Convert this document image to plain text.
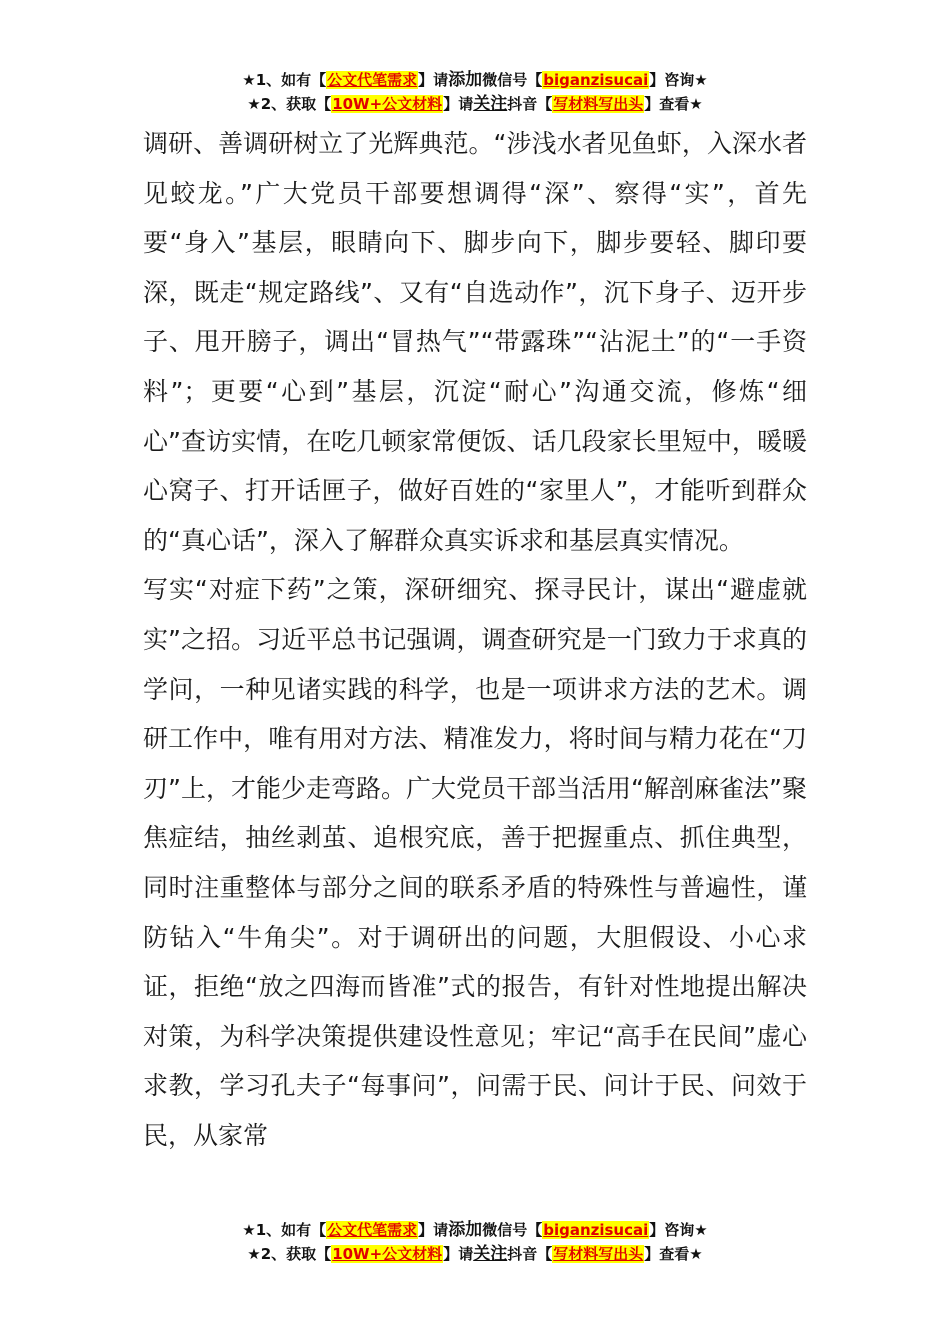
★1、如有【公文代笔需求】请添加微信号【biganzisucai】咨询★
★2、获取【10W+公文材料】请关注抖音【写材料写出头】查看★

调研、善调研树立了光辉典范。“涉浅水者见鱼虾，入深水者见蛟龙。”广大党员干部要想调得“深”、察得“实”，首先要“身入”基层，眼睛向下、脚步向下，脚步要轻、脚印要深，既走“规定路线”、又有“自选动作”，沉下身子、迈开步子、甩开膀子，调出“冒热气”“带露珠”“沾泥土”的“一手资料”；更要“心到”基层，沉淀“耐心”沟通交流，修炼“细心”查访实情，在吃几顿家常便饭、话几段家长里短中，暖暖心窝子、打开话匣子，做好百姓的“家里人”，才能听到群众的“真心话”，深入了解群众真实诉求和基层真实情况。

写实“对症下药”之策，深研细究、探寻民计，谋出“避虚就实”之招。习近平总书记强调，调查研究是一门致力于求真的学问，一种见诸实践的科学，也是一项讲求方法的艺术。调研工作中，唯有用对方法、精准发力，将时间与精力花在“刀刃”上，才能少走弯路。广大党员干部当活用“解剖麻雀法”聚焦症结，抽丝剥茧、追根究底，善于把握重点、抓住典型，同时注重整体与部分之间的联系矛盾的特殊性与普遍性，谨防钻入“牛角尖”。对于调研出的问题，大胆假设、小心求证，拒绝“放之四海而皆准”式的报告，有针对性地提出解决对策，为科学决策提供建设性意见；牢记“高手在民间”虚心求教，学习孔夫子“每事问”，问需于民、问计于民、问效于民，从家常

★1、如有【公文代笔需求】请添加微信号【biganzisucai】咨询★
★2、获取【10W+公文材料】请关注抖音【写材料写出头】查看★
